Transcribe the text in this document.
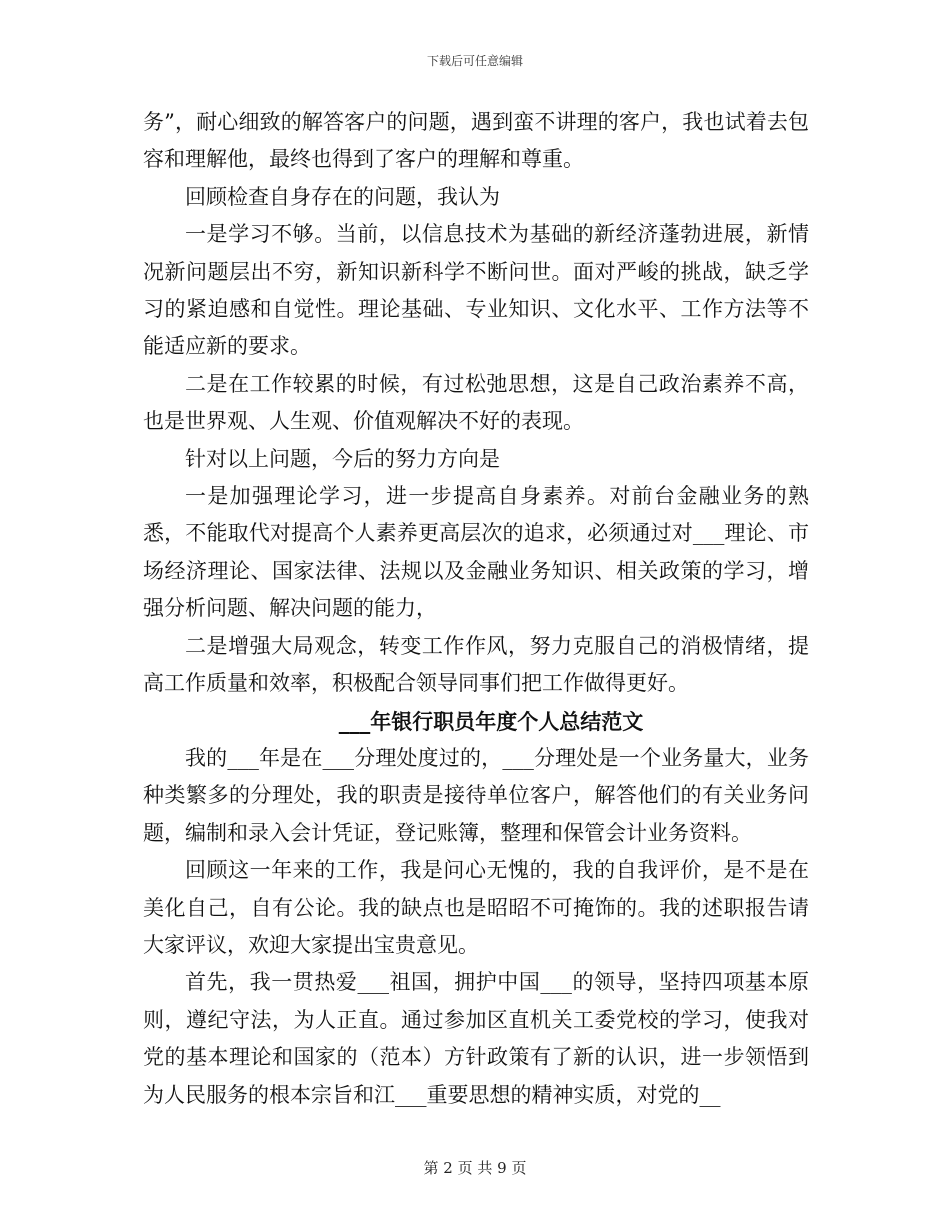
下载后可任意编辑

务”，耐心细致的解答客户的问题，遇到蛮不讲理的客户，我也试着去包容和理解他，最终也得到了客户的理解和尊重。

回顾检查自身存在的问题，我认为

一是学习不够。当前，以信息技术为基础的新经济蓬勃进展，新情况新问题层出不穷，新知识新科学不断问世。面对严峻的挑战，缺乏学习的紧迫感和自觉性。理论基础、专业知识、文化水平、工作方法等不能适应新的要求。

二是在工作较累的时候，有过松弛思想，这是自己政治素养不高，也是世界观、人生观、价值观解决不好的表现。

针对以上问题，今后的努力方向是

一是加强理论学习，进一步提高自身素养。对前台金融业务的熟悉，不能取代对提高个人素养更高层次的追求，必须通过对___理论、市场经济理论、国家法律、法规以及金融业务知识、相关政策的学习，增强分析问题、解决问题的能力，

二是增强大局观念，转变工作作风，努力克服自己的消极情绪，提高工作质量和效率，积极配合领导同事们把工作做得更好。

___年银行职员年度个人总结范文

我的___年是在___分理处度过的，___分理处是一个业务量大，业务种类繁多的分理处，我的职责是接待单位客户，解答他们的有关业务问题，编制和录入会计凭证，登记账簿，整理和保管会计业务资料。

回顾这一年来的工作，我是问心无愧的，我的自我评价，是不是在美化自己，自有公论。我的缺点也是昭昭不可掩饰的。我的述职报告请大家评议，欢迎大家提出宝贵意见。

首先，我一贯热爱___祖国，拥护中国___的领导，坚持四项基本原则，遵纪守法，为人正直。通过参加区直机关工委党校的学习，使我对党的基本理论和国家的（范本）方针政策有了新的认识，进一步领悟到为人民服务的根本宗旨和江___重要思想的精神实质，对党的__

第 2 页 共 9 页
